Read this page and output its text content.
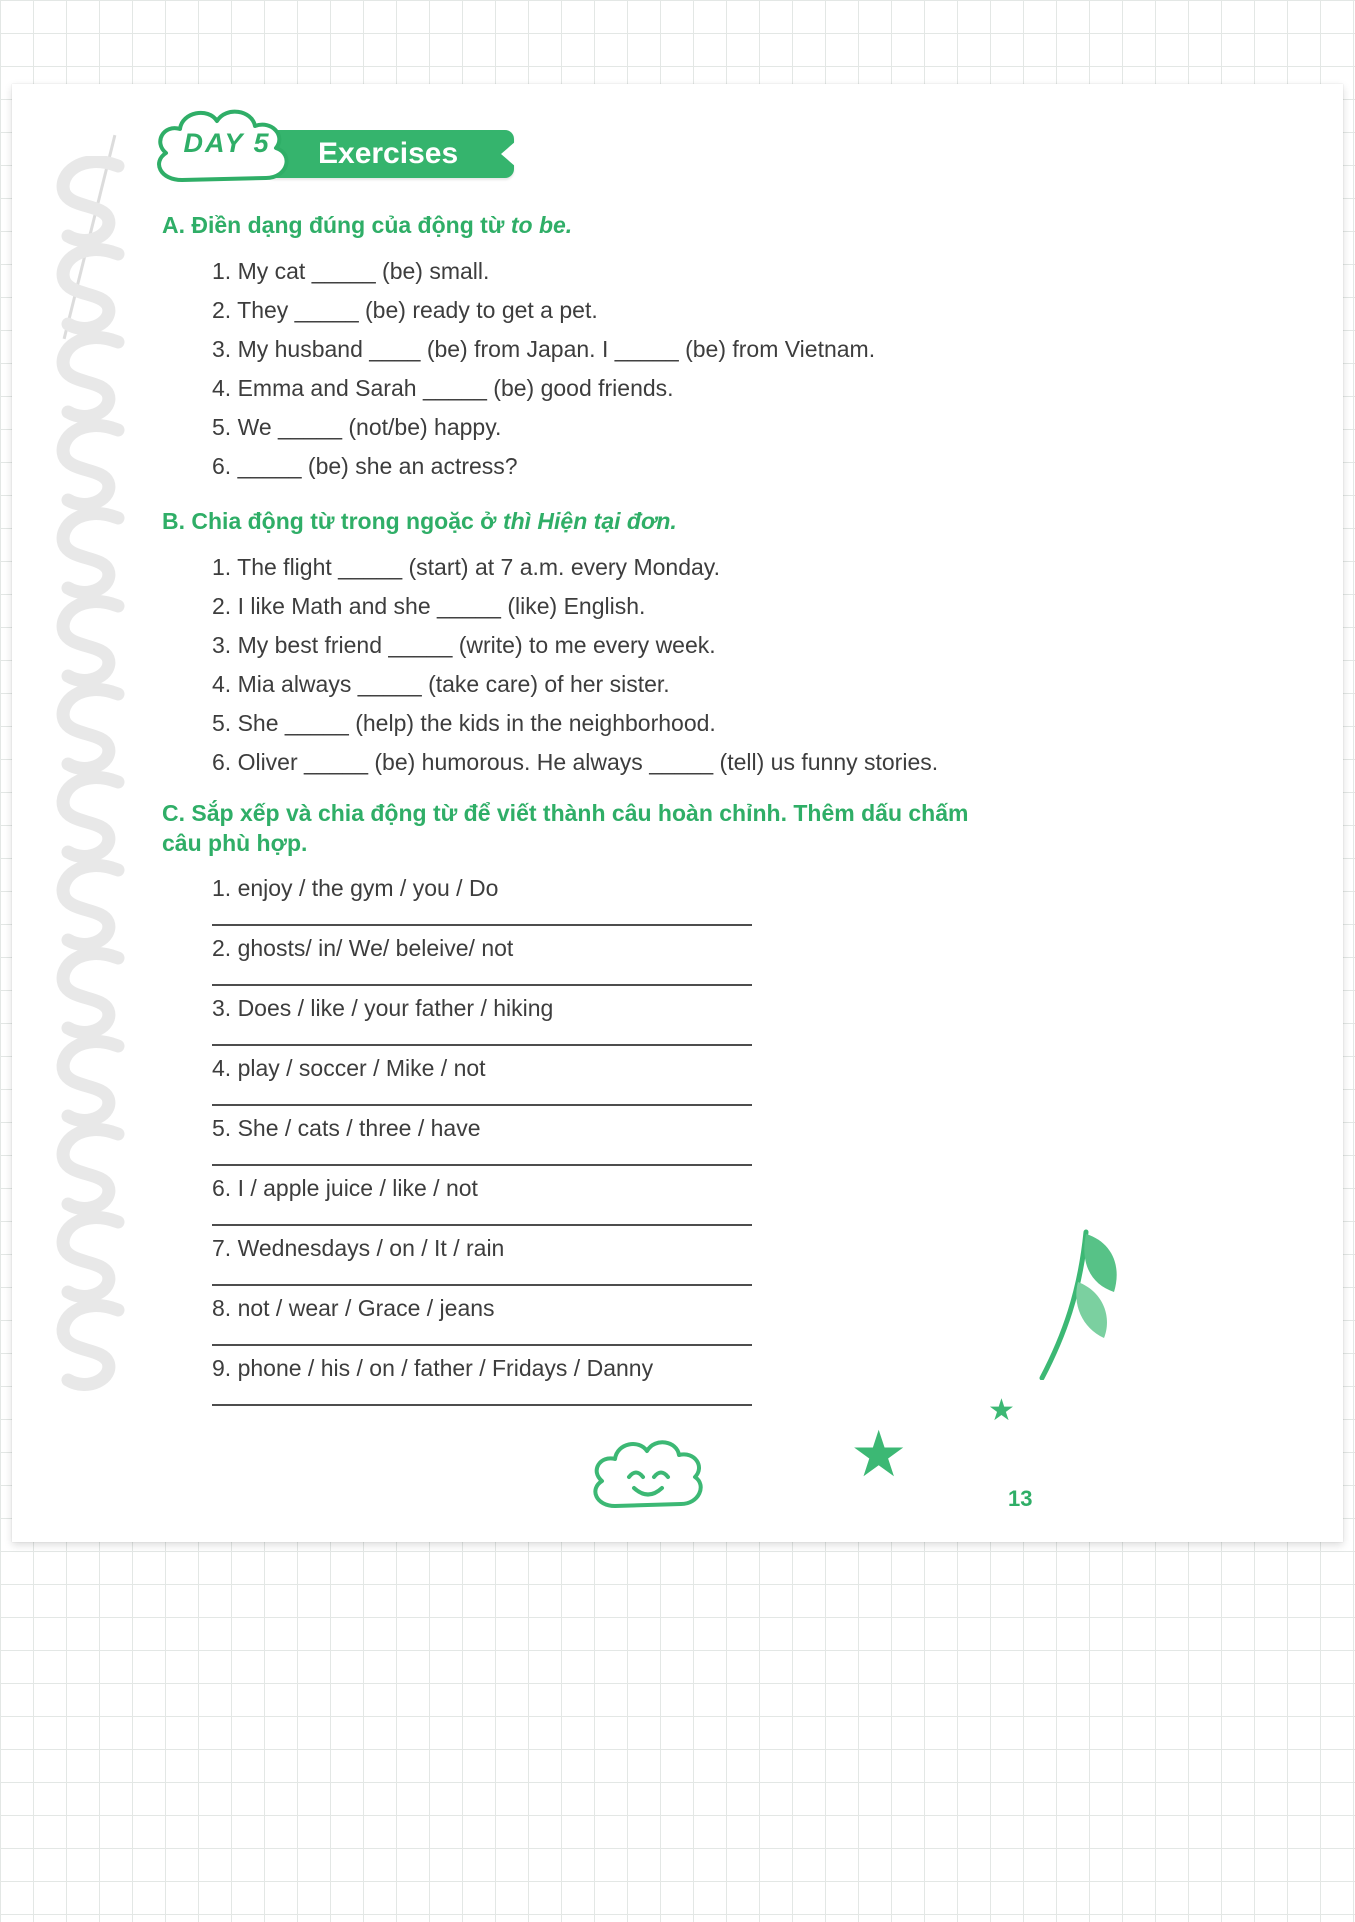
Exercises
DAY 5
A. Điền dạng đúng của động từ to be.
1. My cat _____ (be) small.
2. They _____ (be) ready to get a pet.
3. My husband ____ (be) from Japan. I _____ (be) from Vietnam.
4. Emma and Sarah _____ (be) good friends.
5. We _____ (not/be) happy.
6. _____ (be) she an actress?
B. Chia động từ trong ngoặc ở thì Hiện tại đơn.
1. The flight _____ (start) at 7 a.m. every Monday.
2. I like Math and she _____ (like) English.
3. My best friend _____ (write) to me every week.
4. Mia always _____ (take care) of her sister.
5. She _____ (help) the kids in the neighborhood.
6. Oliver _____ (be) humorous. He always _____ (tell) us funny stories.
C. Sắp xếp và chia động từ để viết thành câu hoàn chỉnh. Thêm dấu chấm câu phù hợp.
1. enjoy / the gym / you / Do
2. ghosts/ in/ We/ beleive/ not
3. Does / like / your father / hiking
4. play / soccer / Mike / not
5. She / cats / three / have
6. I / apple juice / like / not
7. Wednesdays / on / It / rain
8. not / wear / Grace / jeans
9. phone / his / on / father / Fridays / Danny
★
★
13
